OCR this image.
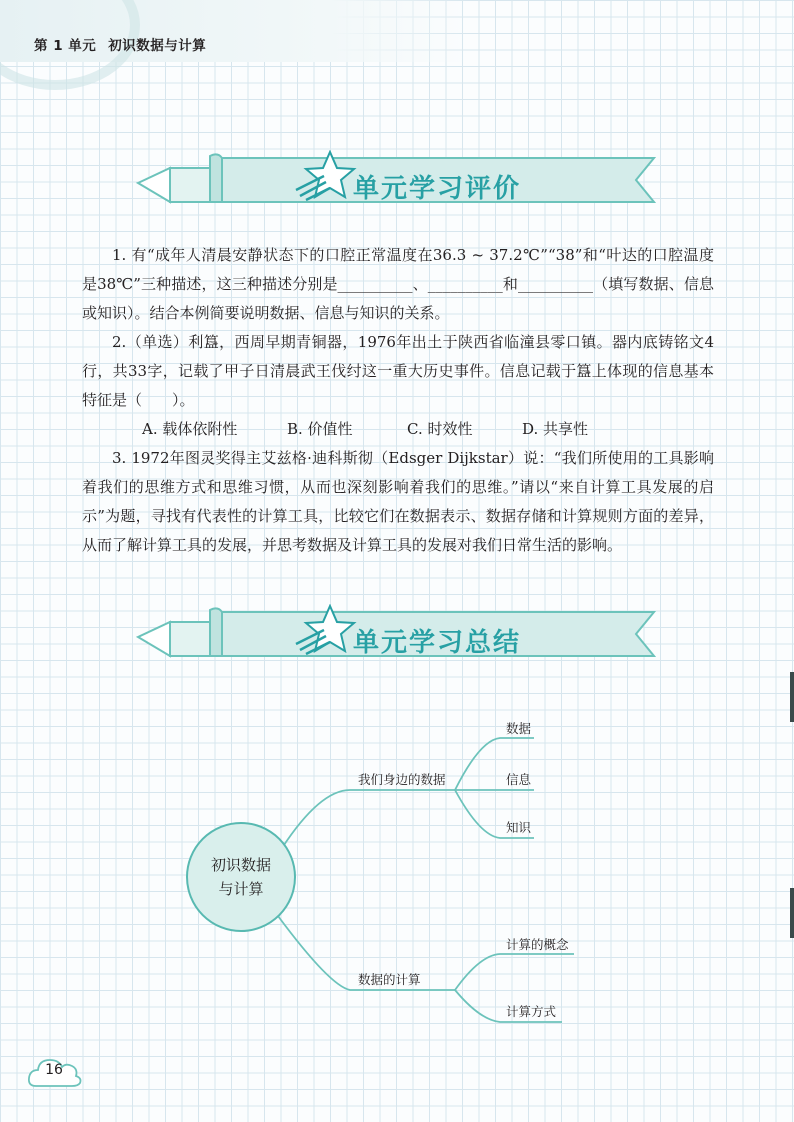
第 1 单元 初识数据与计算
单元学习评价

1. 有“成年人清晨安静状态下的口腔正常温度在36.3 ~ 37.2℃”“38”和“叶达的口腔温度是38℃”三种描述，这三种描述分别是__________、__________和__________（填写数据、信息或知识）。结合本例简要说明数据、信息与知识的关系。

2.（单选）利簋，西周早期青铜器，1976年出土于陕西省临潼县零口镇。器内底铸铭文4行，共33字，记载了甲子日清晨武王伐纣这一重大历史事件。信息记载于簋上体现的信息基本特征是（　　）。

A. 载体依附性	B. 价值性	C. 时效性	D. 共享性

3. 1972年图灵奖得主艾兹格·迪科斯彻（Edsger Dijkstar）说：“我们所使用的工具影响着我们的思维方式和思维习惯，从而也深刻影响着我们的思维。”请以“来自计算工具发展的启示”为题，寻找有代表性的计算工具，比较它们在数据表示、数据存储和计算规则方面的差异，从而了解计算工具的发展，并思考数据及计算工具的发展对我们日常生活的影响。

单元学习总结
初识数据
与计算
我们身边的数据
数据
信息
知识
数据的计算
计算的概念
计算方式
16
